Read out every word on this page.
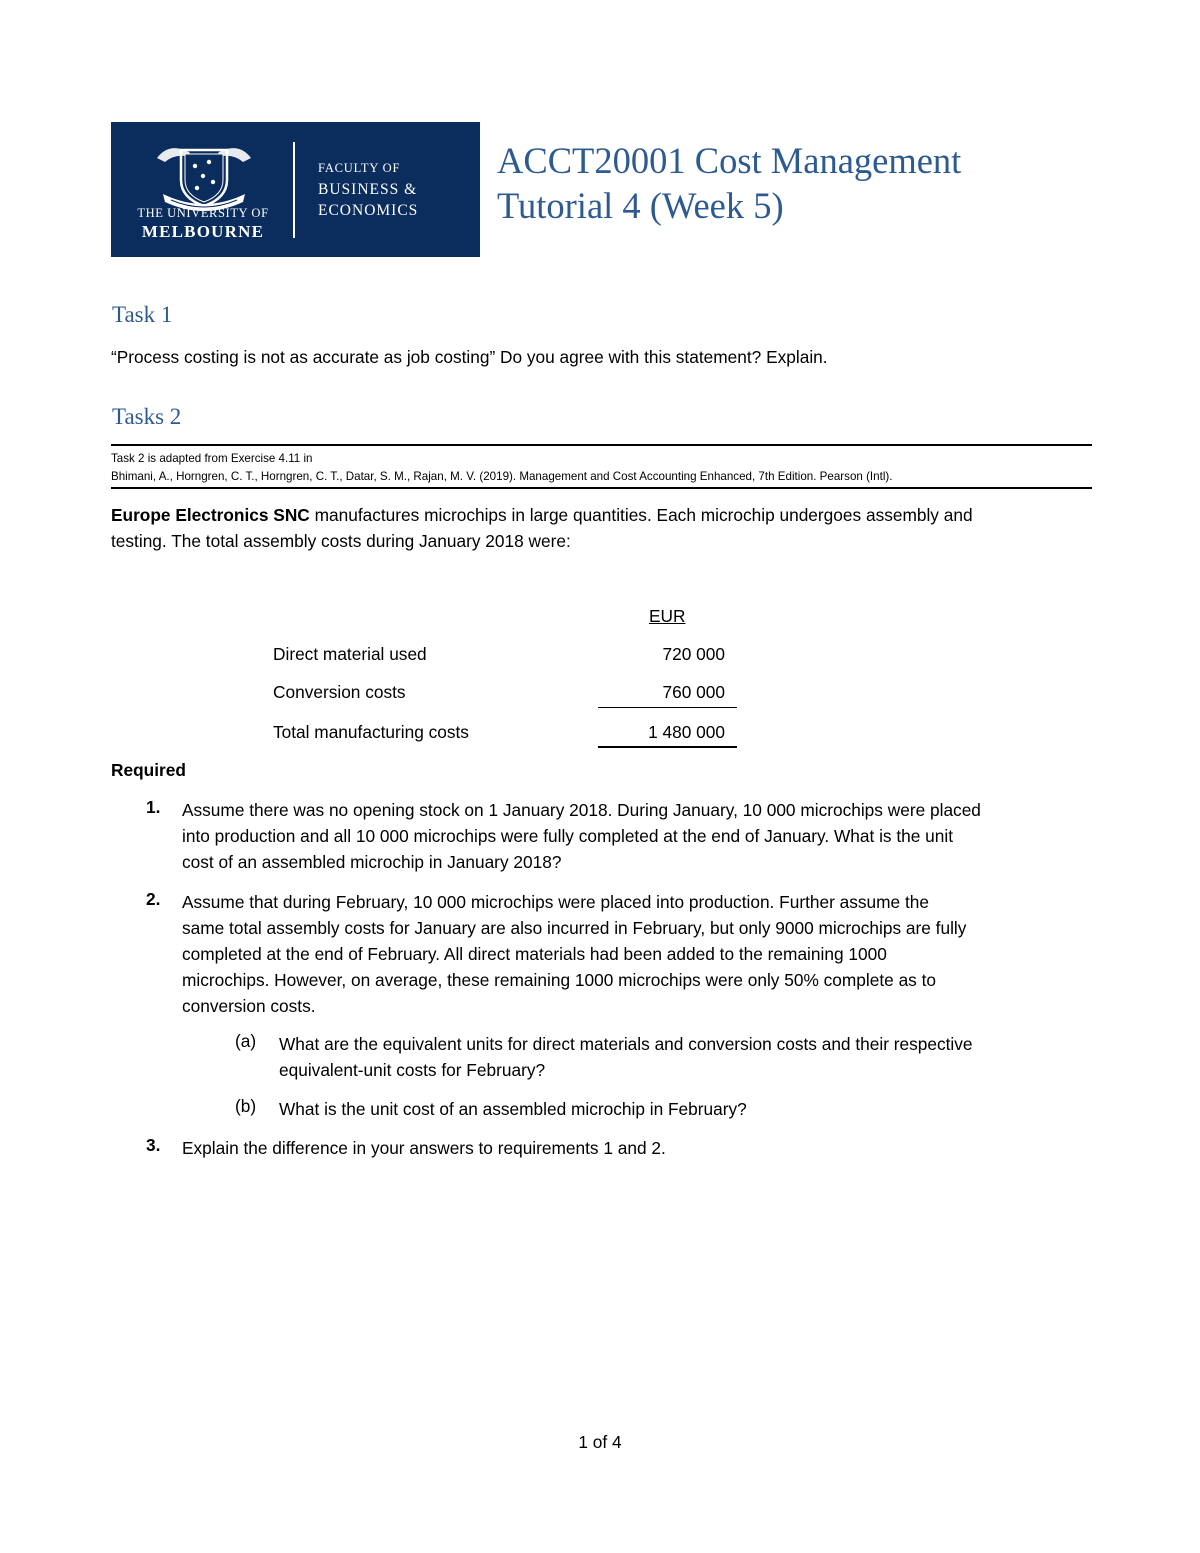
THE UNIVERSITY OF
MELBOURNE
FACULTY OF
BUSINESS &
ECONOMICS
ACCT20001 Cost Management
Tutorial 4 (Week 5)
Task 1
“Process costing is not as accurate as job costing” Do you agree with this statement? Explain.
Tasks 2
Task 2 is adapted from Exercise 4.11 in
Bhimani, A., Horngren, C. T., Horngren, C. T., Datar, S. M., Rajan, M. V. (2019). Management and Cost Accounting Enhanced, 7th Edition. Pearson (Intl).
Europe Electronics SNC manufactures microchips in large quantities. Each microchip undergoes assembly and
testing. The total assembly costs during January 2018 were:
EUR
Direct material used	720 000
Conversion costs	760 000
Total manufacturing costs	1 480 000
Required
1. Assume there was no opening stock on 1 January 2018. During January, 10 000 microchips were placed
into production and all 10 000 microchips were fully completed at the end of January. What is the unit
cost of an assembled microchip in January 2018?
2. Assume that during February, 10 000 microchips were placed into production. Further assume the
same total assembly costs for January are also incurred in February, but only 9000 microchips are fully
completed at the end of February. All direct materials had been added to the remaining 1000
microchips. However, on average, these remaining 1000 microchips were only 50% complete as to
conversion costs.
(a) What are the equivalent units for direct materials and conversion costs and their respective
equivalent-unit costs for February?
(b) What is the unit cost of an assembled microchip in February?
3. Explain the difference in your answers to requirements 1 and 2.
1 of 4
